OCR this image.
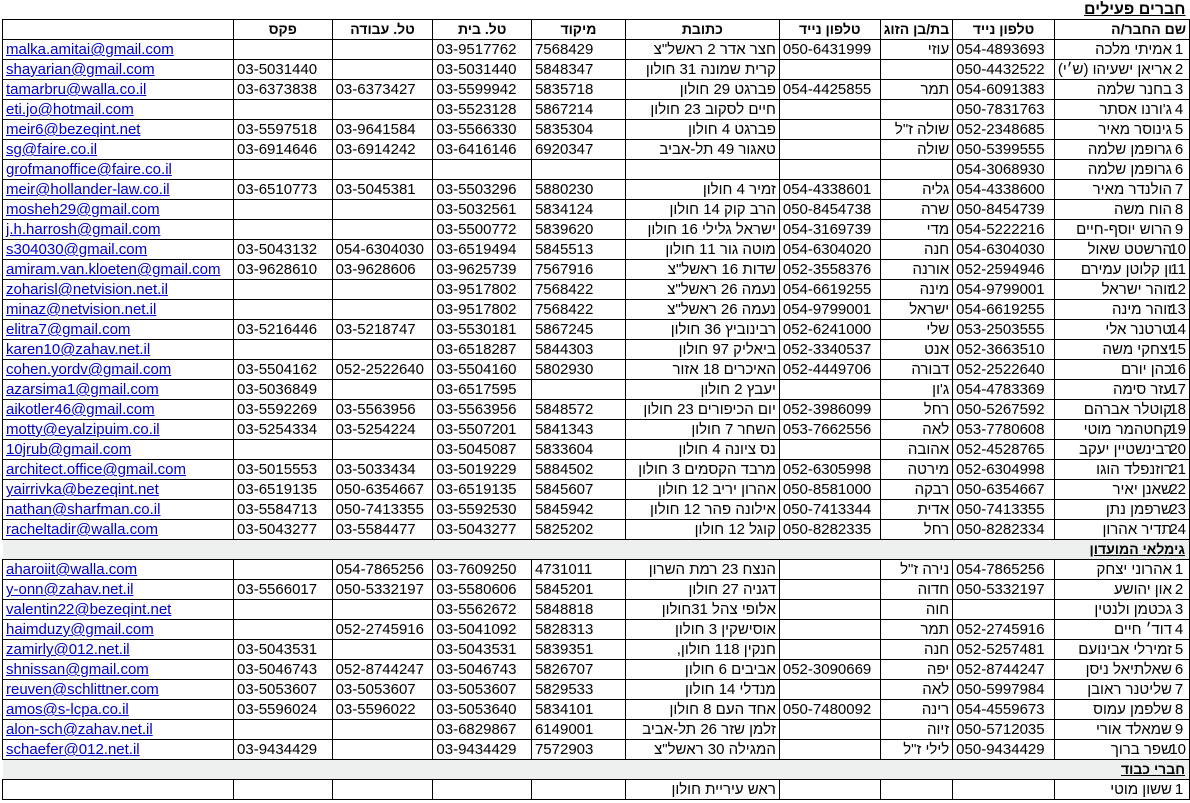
חברים פעילים									
שם החבר/ה	טלפון נייד	בת/בן הזוג	טלפון נייד	כתובת	מיקוד	טל. בית	טל. עבודה	פקס	
1אמיתי מלכה	054-4893693	עוזי	050-6431999	חצר אדר 2 ראשל"צ	7568429	03-9517762			malka.amitai@gmail.com
2אריאן ישעיהו (ש׳י)	050-4432522			קרית שמונה 31 חולון	5848347	03-5031440		03-5031440	shayarian@gmail.com
3בחנר שלמה	054-6091383	תמר	054-4425855	פברגט 29 חולון	5835718	03-5599942	03-6373427	03-6373838	tamarbru@walla.co.il
4ג'ורנו אסתר	050-7831763			חיים לסקוב 23 חולון	5867214	03-5523128			eti.jo@hotmail.com
5גינוסר מאיר	052-2348685	שולה ז"ל		פברגט 4 חולון	5835304	03-5566330	03-9641584	03-5597518	meir6@bezeqint.net
6גרופמן שלמה	050-5399555	שולה		טאגור 49 תל-אביב	6920347	03-6416146	03-6914242	03-6914646	sg@faire.co.il
6גרופמן שלמה	054-3068930								grofmanoffice@faire.co.il
7הולנדר מאיר	054-4338600	גליה	054-4338601	זמיר 4 חולון	5880230	03-5503296	03-5045381	03-6510773	meir@hollander-law.co.il
8הוח משה	050-8454739	שרה	050-8454738	הרב קוק 14 חולון	5834124	03-5032561			mosheh29@gmail.com
9הרוש יוסף-חיים	054-5222216	מדי	054-3169739	ישראל גלילי 16 חולון	5839620	03-5500772			j.h.harrosh@gmail.com
10הרשטט שאול	054-6304030	חנה	054-6304020	מוטה גור 11 חולון	5845513	03-6519494	054-6304030	03-5043132	s304030@gmail.com
11ון קלוטן עמירם	052-2594946	אורנה	052-3558376	שדות 16 ראשל"צ	7567916	03-9625739	03-9628606	03-9628610	amiram.van.kloeten@gmail.com
12זוהר ישראל	054-9799001	מינה	054-6619255	נעמה 26 ראשל"צ	7568422	03-9517802			zoharisl@netvision.net.il
13זוהר מינה	054-6619255	ישראל	054-9799001	נעמה 26 ראשל"צ	7568422	03-9517802			minaz@netvision.net.il
14טרטנר אלי	053-2503555	שלי	052-6241000	רבינוביץ 36 חולון	5867245	03-5530181	03-5218747	03-5216446	elitra7@gmail.com
15יצחקי משה	052-3663510	אנט	052-3340537	ביאליק 97 חולון	5844303	03-6518287			karen10@zahav.net.il
16כהן יורם	052-2522640	דבורה	052-4449706	האיכרים 18 אזור	5802930	03-5504160	052-2522640	03-5504162	cohen.yordv@gmail.com
17עזר סימה	054-4783369	ג'ון		יעבץ 2 חולון		03-6517595		03-5036849	azarsima1@gmail.com
18קוטלר אברהם	050-5267592	רחל	052-3986099	יום הכיפורים 23 חולון	5848572	03-5563956	03-5563956	03-5592269	aikotler46@gmail.com
19קחטהמר מוטי	053-7780608	לאה	053-7662556	השחר 7 חולון	5841343	03-5507201	03-5254224	03-5254334	motty@eyalzipuim.co.il
20רבינשטיין יעקב	052-4528765	אהובה		נס ציונה 4 חולון	5833604	03-5045087			10jrub@gmail.com
21רוזנפלד הוגו	052-6304998	מירטה	052-6305998	מרבד הקסמים 3 חולון	5884502	03-5019229	03-5033434	03-5015553	architect.office@gmail.com
22שאנן יאיר	050-6354667	רבקה	050-8581000	אהרון יריב 12 חולון	5845607	03-6519135	050-6354667	03-6519135	yairrivka@bezeqint.net
23שרפמן נתן	050-7413355	אדית	050-7413344	אילונה פהר 12 חולון	5845942	03-5592530	050-7413355	03-5584713	nathan@sharfman.co.il
24תדיר אהרון	050-8282334	רחל	050-8282335	קוגל 12 חולון	5825202	03-5043277	03-5584477	03-5043277	racheltadir@walla.com
גימלאי המועדון									
1אהרוני יצחק	054-7865256	נירה ז"ל		הנצח 23 רמת השרון	4731011	03-7609250	054-7865256		aharoiit@walla.com
2און יהושע	050-5332197	חדוה		דגניה 27 חולון	5845201	03-5580606	050-5332197	03-5566017	y-onn@zahav.net.il
3גכטמן ולנטין		חוה		אלופי צהל 31חולון	5848818	03-5562672			valentin22@bezeqint.net
4דוד׳ חיים	052-2745916	תמר		אוסישקין 3 חולון	5828313	03-5041092	052-2745916		haimduzy@gmail.com
5זמירלי אבינועם	052-5257481	חנה		חנקין 118 חולון,	5839351	03-5043531		03-5043531	zamirly@012.net.il
6שאלתיאל ניסן	052-8744247	יפה	052-3090669	אביבים 6 חולון	5826707	03-5046743	052-8744247	03-5046743	shnissan@gmail.com
7שליטנר ראובן	050-5997984	לאה		מנדלי 14 חולון	5829533	03-5053607	03-5053607	03-5053607	reuven@schlittner.com
8שלפמן עמוס	054-4559673	רינה	050-7480092	אחד העם 8 חולון	5834101	03-5053640	03-5596022	03-5596024	amos@s-lcpa.co.il
9שמאלד אורי	050-5712035	זיוה		זלמן שזר 26 תל-אביב	6149001	03-6829867			alon-sch@zahav.net.il
10שפר ברוך	050-9434429	לילי ז"ל		המגילה 30 ראשל"צ	7572903	03-9434429		03-9434429	schaefer@012.net.il
חברי כבוד									
1ששון מוטי				ראש עיריית חולון					
